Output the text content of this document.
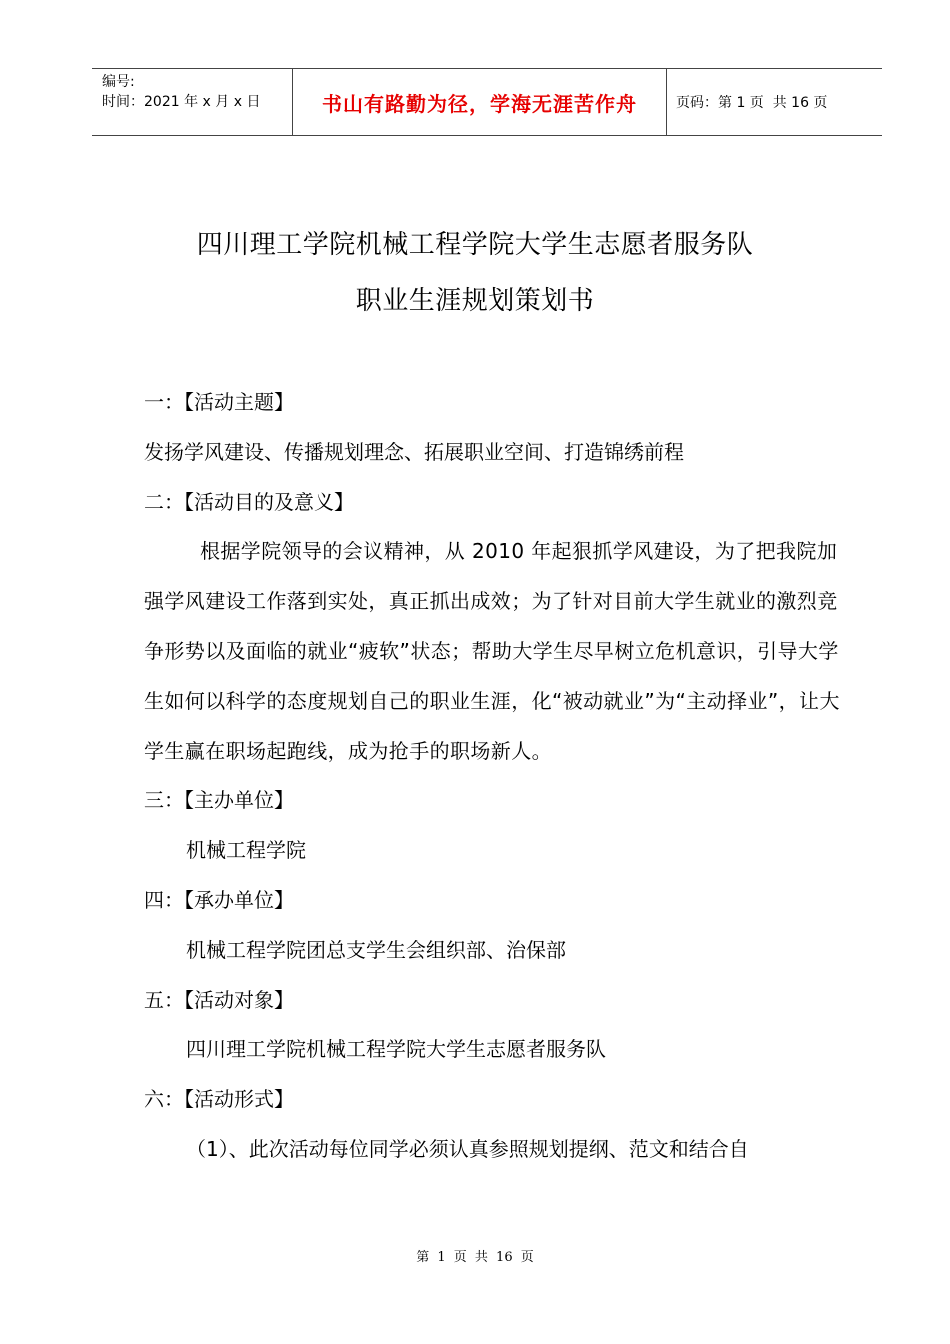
编号:
时间：2021 年 x 月 x 日	书山有路勤为径，学海无涯苦作舟	页码：第 1 页  共 16 页
四川理工学院机械工程学院大学生志愿者服务队
职业生涯规划策划书

一：【活动主题】

发扬学风建设、传播规划理念、拓展职业空间、打造锦绣前程

二：【活动目的及意义】

根据学院领导的会议精神，从 2010 年起狠抓学风建设，为了把我院加强学风建设工作落到实处，真正抓出成效；为了针对目前大学生就业的激烈竞争形势以及面临的就业“疲软”状态；帮助大学生尽早树立危机意识，引导大学生如何以科学的态度规划自己的职业生涯，化“被动就业”为“主动择业”，让大学生赢在职场起跑线，成为抢手的职场新人。

三：【主办单位】

机械工程学院

四：【承办单位】

机械工程学院团总支学生会组织部、治保部

五：【活动对象】

四川理工学院机械工程学院大学生志愿者服务队

六：【活动形式】

（1）、此次活动每位同学必须认真参照规划提纲、范文和结合自

第 1 页 共 16 页
